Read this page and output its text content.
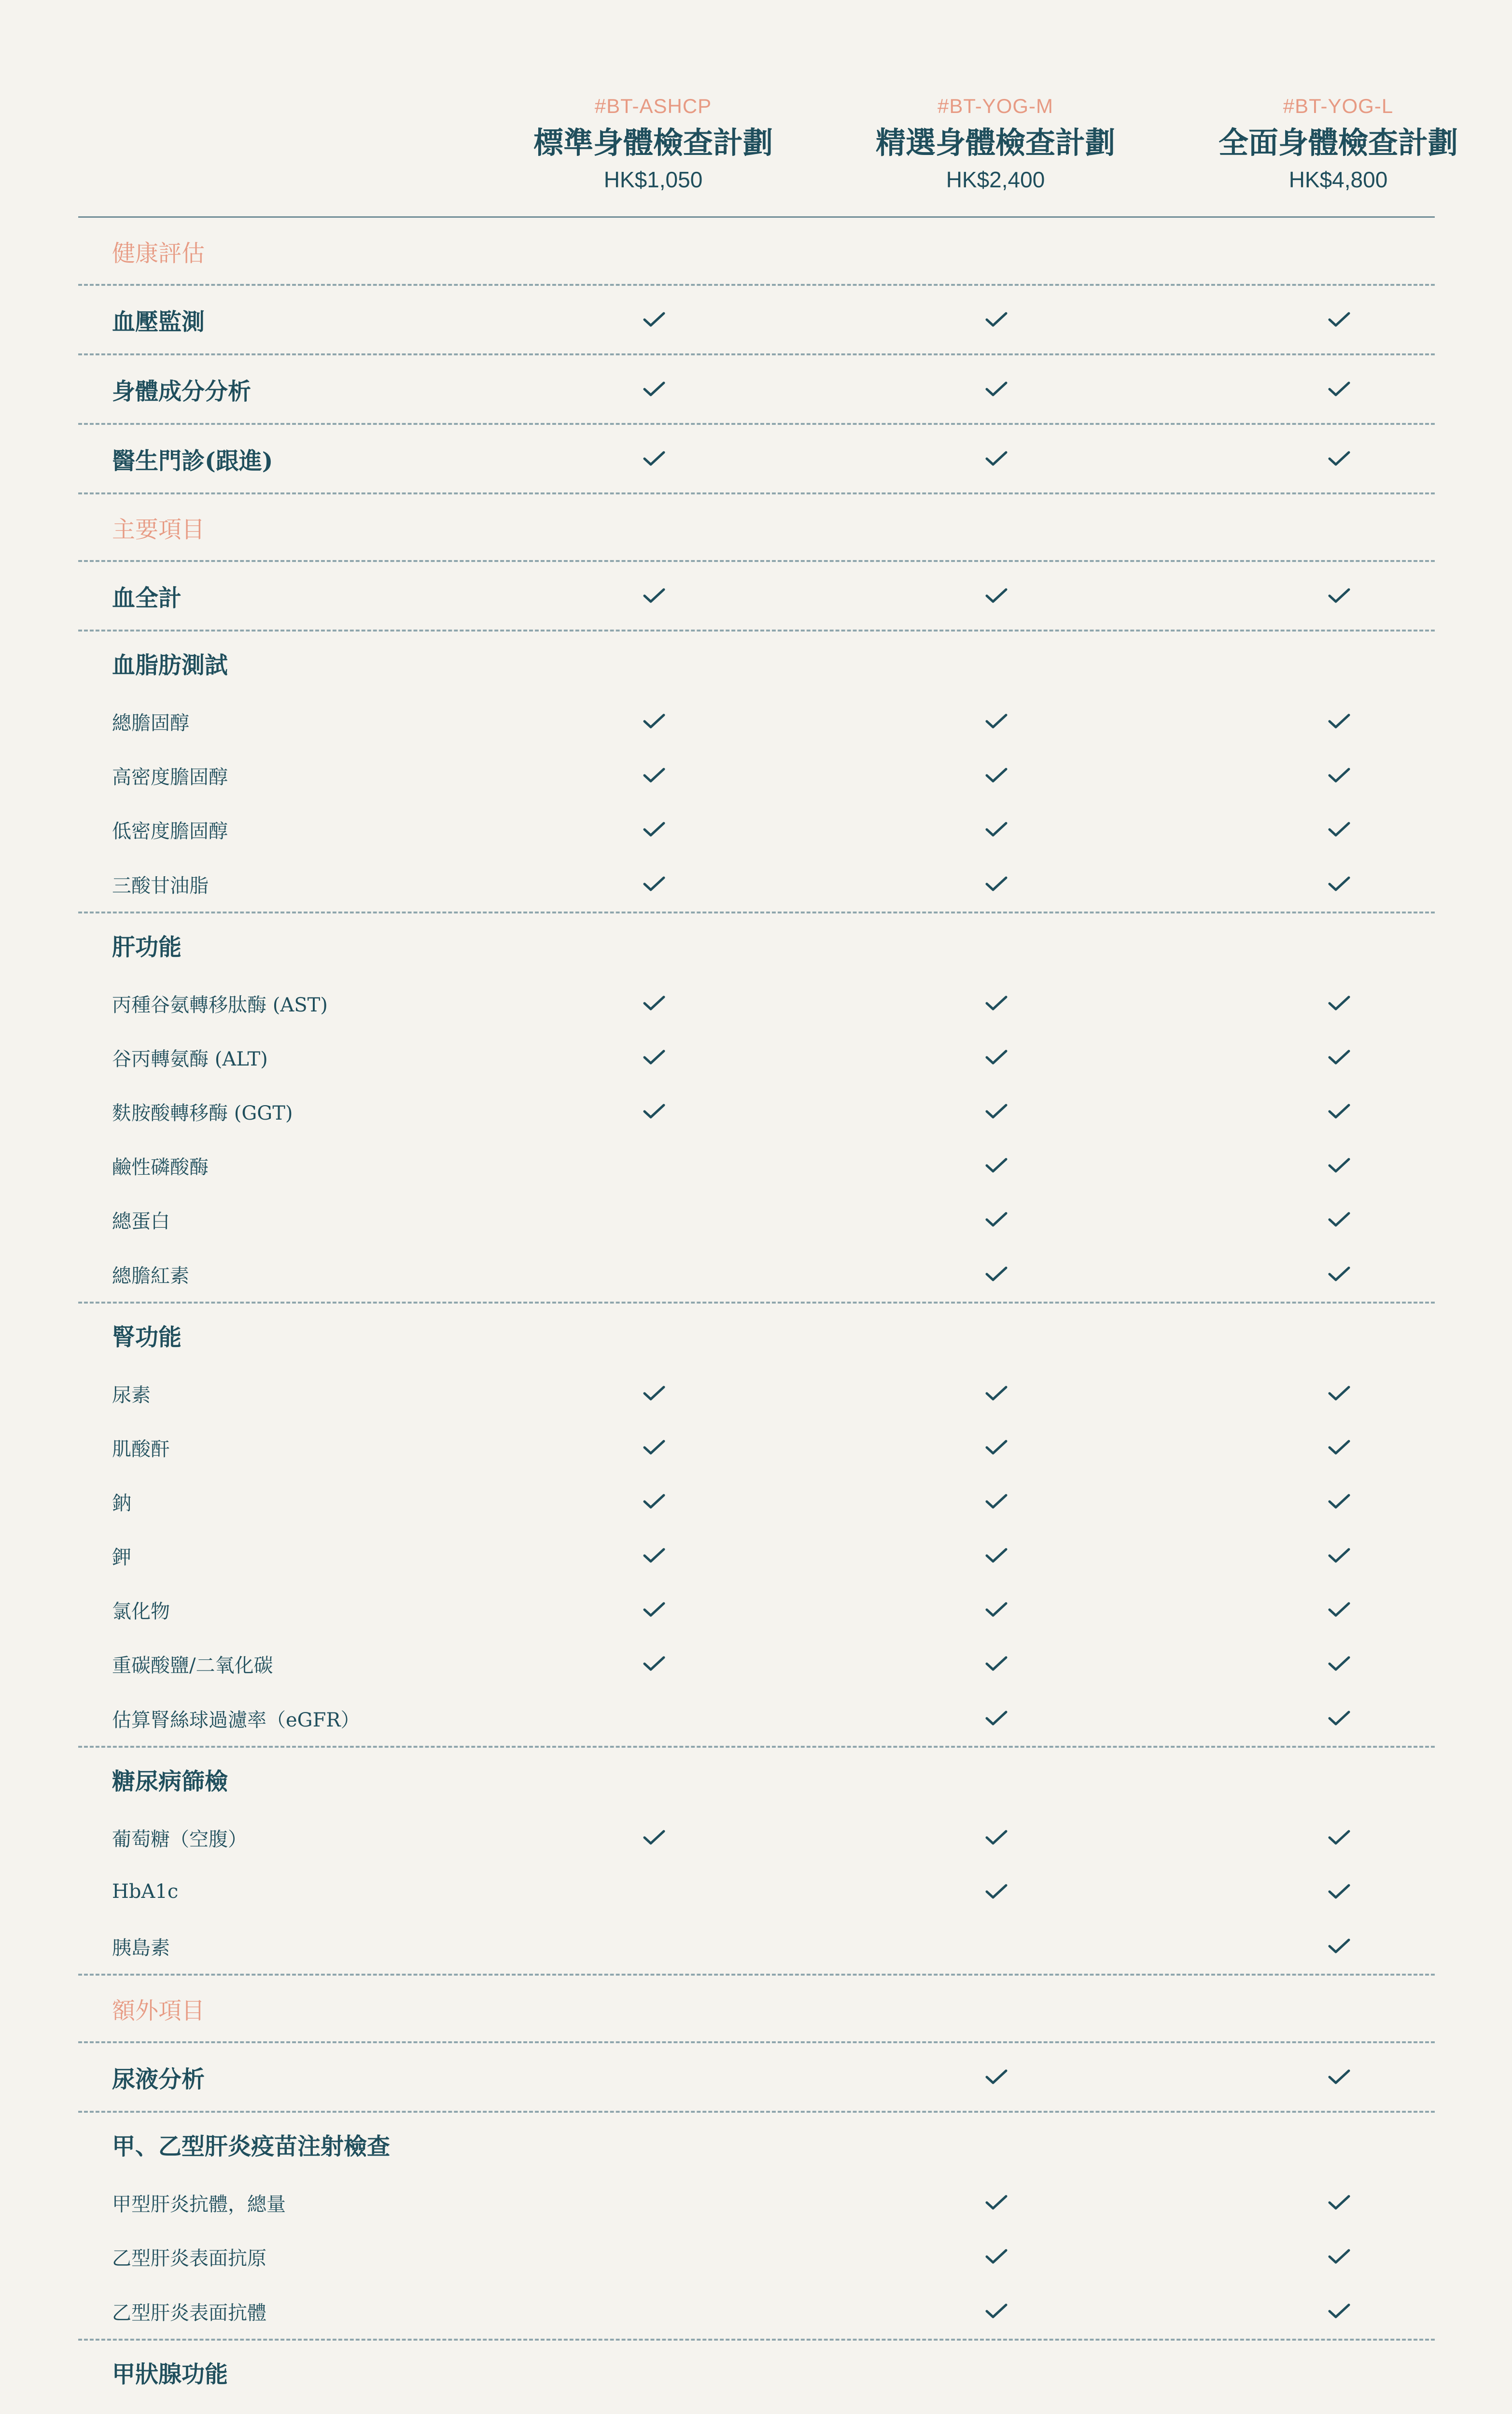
#BT-ASHCP
標準身體檢查計劃
HK$1,050
#BT-YOG-M
精選身體檢查計劃
HK$2,400
#BT-YOG-L
全面身體檢查計劃
HK$4,800
健康評估
血壓監測
身體成分分析
醫生門診(跟進)
主要項目
血全計
血脂肪測試
總膽固醇
高密度膽固醇
低密度膽固醇
三酸甘油脂
肝功能
丙種谷氨轉移肽酶 (AST)
谷丙轉氨酶 (ALT)
麩胺酸轉移酶 (GGT)
鹼性磷酸酶
總蛋白
總膽紅素
腎功能
尿素
肌酸酐
鈉
鉀
氯化物
重碳酸鹽/二氧化碳
估算腎絲球過濾率（eGFR）
糖尿病篩檢
葡萄糖（空腹）
HbA1c
胰島素
額外項目
尿液分析
甲、乙型肝炎疫苗注射檢查
甲型肝炎抗體，總量
乙型肝炎表面抗原
乙型肝炎表面抗體
甲狀腺功能
